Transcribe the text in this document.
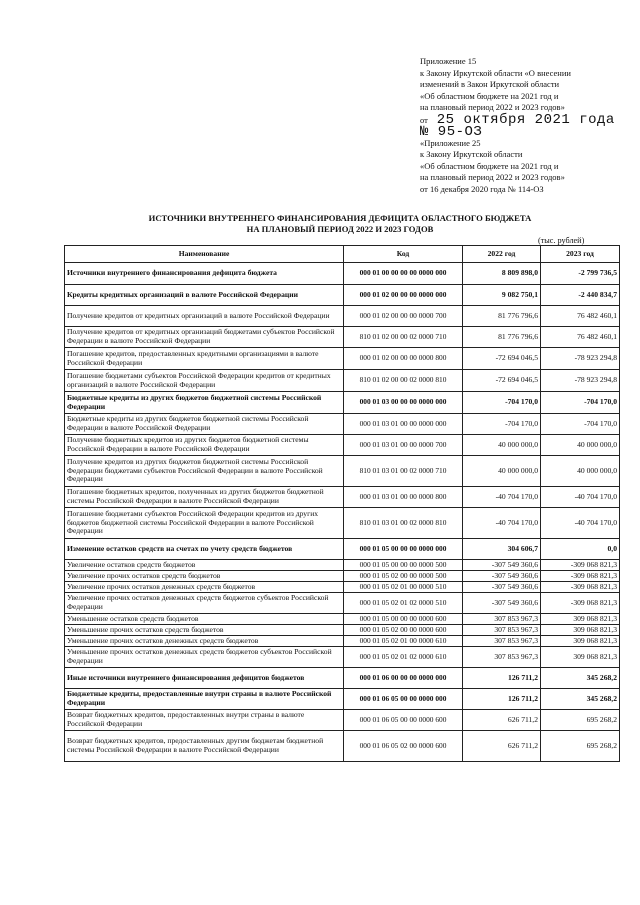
Приложение 15
к Закону Иркутской области «О внесении
изменений в Закон Иркутской области
«Об областном бюджете на 2021 год и
на плановый период 2022 и 2023 годов»
от 25 октября 2021 года
№ 95-ОЗ
«Приложение 25
к Закону Иркутской области
«Об областном бюджете на 2021 год и
на плановый период 2022 и 2023 годов»
от 16 декабря 2020 года № 114-ОЗ
ИСТОЧНИКИ ВНУТРЕННЕГО ФИНАНСИРОВАНИЯ ДЕФИЦИТА ОБЛАСТНОГО БЮДЖЕТА
НА ПЛАНОВЫЙ ПЕРИОД 2022 И 2023 ГОДОВ
(тыс. рублей)
Наименование	Код	2022 год	2023 год
Источники внутреннего финансирования дефицита бюджета	000 01 00 00 00 00 0000 000	8 809 898,0	-2 799 736,5
Кредиты кредитных организаций в валюте Российской Федерации	000 01 02 00 00 00 0000 000	9 082 750,1	-2 440 834,7
Получение кредитов от кредитных организаций в валюте Российской Федерации	000 01 02 00 00 00 0000 700	81 776 796,6	76 482 460,1
Получение кредитов от кредитных организаций бюджетами субъектов Российской Федерации в валюте Российской Федерации	810 01 02 00 00 02 0000 710	81 776 796,6	76 482 460,1
Погашение кредитов, предоставленных кредитными организациями в валюте Российской Федерации	000 01 02 00 00 00 0000 800	-72 694 046,5	-78 923 294,8
Погашение бюджетами субъектов Российской Федерации кредитов от кредитных организаций в валюте Российской Федерации	810 01 02 00 00 02 0000 810	-72 694 046,5	-78 923 294,8
Бюджетные кредиты из других бюджетов бюджетной системы Российской Федерации	000 01 03 00 00 00 0000 000	-704 170,0	-704 170,0
Бюджетные кредиты из других бюджетов бюджетной системы Российской Федерации в валюте Российской Федерации	000 01 03 01 00 00 0000 000	-704 170,0	-704 170,0
Получение бюджетных кредитов из других бюджетов бюджетной системы Российской Федерации в валюте Российской Федерации	000 01 03 01 00 00 0000 700	40 000 000,0	40 000 000,0
Получение кредитов из других бюджетов бюджетной системы Российской Федерации бюджетами субъектов Российской Федерации в валюте Российской Федерации	810 01 03 01 00 02 0000 710	40 000 000,0	40 000 000,0
Погашение бюджетных кредитов, полученных из других бюджетов бюджетной системы Российской Федерации в валюте Российской Федерации	000 01 03 01 00 00 0000 800	-40 704 170,0	-40 704 170,0
Погашение бюджетами субъектов Российской Федерации кредитов из других бюджетов бюджетной системы Российской Федерации в валюте Российской Федерации	810 01 03 01 00 02 0000 810	-40 704 170,0	-40 704 170,0
Изменение остатков средств на счетах по учету средств бюджетов	000 01 05 00 00 00 0000 000	304 606,7	0,0
Увеличение остатков средств бюджетов	000 01 05 00 00 00 0000 500	-307 549 360,6	-309 068 821,3
Увеличение прочих остатков средств бюджетов	000 01 05 02 00 00 0000 500	-307 549 360,6	-309 068 821,3
Увеличение прочих остатков денежных средств бюджетов	000 01 05 02 01 00 0000 510	-307 549 360,6	-309 068 821,3
Увеличение прочих остатков денежных средств бюджетов субъектов Российской Федерации	000 01 05 02 01 02 0000 510	-307 549 360,6	-309 068 821,3
Уменьшение остатков средств бюджетов	000 01 05 00 00 00 0000 600	307 853 967,3	309 068 821,3
Уменьшение прочих остатков средств бюджетов	000 01 05 02 00 00 0000 600	307 853 967,3	309 068 821,3
Уменьшение прочих остатков денежных средств бюджетов	000 01 05 02 01 00 0000 610	307 853 967,3	309 068 821,3
Уменьшение прочих остатков денежных средств бюджетов субъектов Российской Федерации	000 01 05 02 01 02 0000 610	307 853 967,3	309 068 821,3
Иные источники внутреннего финансирования дефицитов бюджетов	000 01 06 00 00 00 0000 000	126 711,2	345 268,2
Бюджетные кредиты, предоставленные внутри страны в валюте Российской Федерации	000 01 06 05 00 00 0000 000	126 711,2	345 268,2
Возврат бюджетных кредитов, предоставленных внутри страны в валюте Российской Федерации	000 01 06 05 00 00 0000 600	626 711,2	695 268,2
Возврат бюджетных кредитов, предоставленных другим бюджетам бюджетной системы Российской Федерации в валюте Российской Федерации	000 01 06 05 02 00 0000 600	626 711,2	695 268,2
